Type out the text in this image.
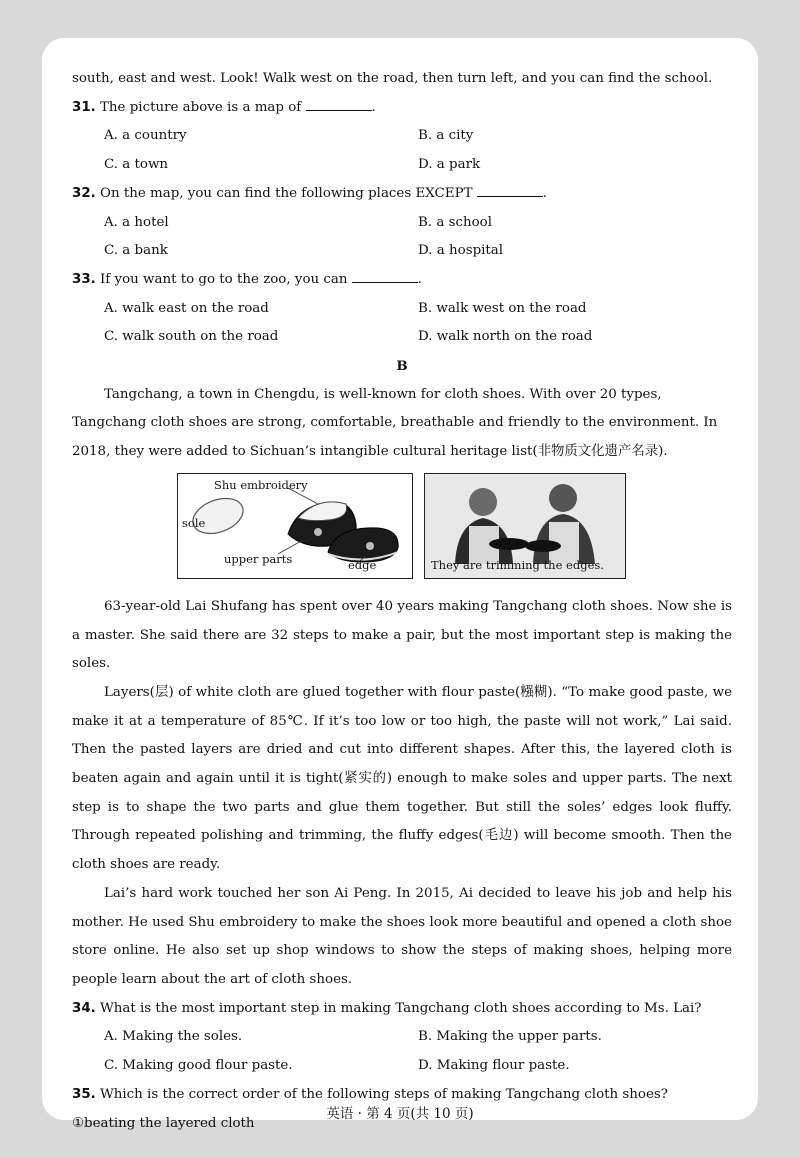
south, east and west. Look! Walk west on the road, then turn left, and you can find the school.
31. The picture above is a map of	.
A. a country	B. a city
C. a town	D. a park
32. On the map, you can find the following places EXCEPT	.
A. a hotel	B. a school
C. a bank	D. a hospital
33. If you want to go to the zoo, you can	.
A. walk east on the road	B. walk west on the road
C. walk south on the road	D. walk north on the road
B
Tangchang, a town in Chengdu, is well-known for cloth shoes. With over 20 types,
Tangchang cloth shoes are strong, comfortable, breathable and friendly to the environment. In
2018, they were added to Sichuan’s intangible cultural heritage list(非物质文化遗产名录).
Shu embroidery
sole
upper parts	edge	They are trimming the edges.
63-year-old Lai Shufang has spent over 40 years making Tangchang cloth shoes. Now she is a master. She said there are 32 steps to make a pair, but the most important step is making the soles.
Layers(层) of white cloth are glued together with flour paste(糨糊). “To make good paste, we make it at a temperature of 85℃. If it’s too low or too high, the paste will not work,” Lai said. Then the pasted layers are dried and cut into different shapes. After this, the layered cloth is beaten again and again until it is tight(紧实的) enough to make soles and upper parts. The next step is to shape the two parts and glue them together. But still the soles’ edges look fluffy. Through repeated polishing and trimming, the fluffy edges(毛边) will become smooth. Then the cloth shoes are ready.
Lai’s hard work touched her son Ai Peng. In 2015, Ai decided to leave his job and help his mother. He used Shu embroidery to make the shoes look more beautiful and opened a cloth shoe store online. He also set up shop windows to show the steps of making shoes, helping more people learn about the art of cloth shoes.
34. What is the most important step in making Tangchang cloth shoes according to Ms. Lai?
A. Making the soles.	B. Making the upper parts.
C. Making good flour paste.	D. Making flour paste.
35. Which is the correct order of the following steps of making Tangchang cloth shoes?
①beating the layered cloth
英语 · 第 4 页(共 10 页)
